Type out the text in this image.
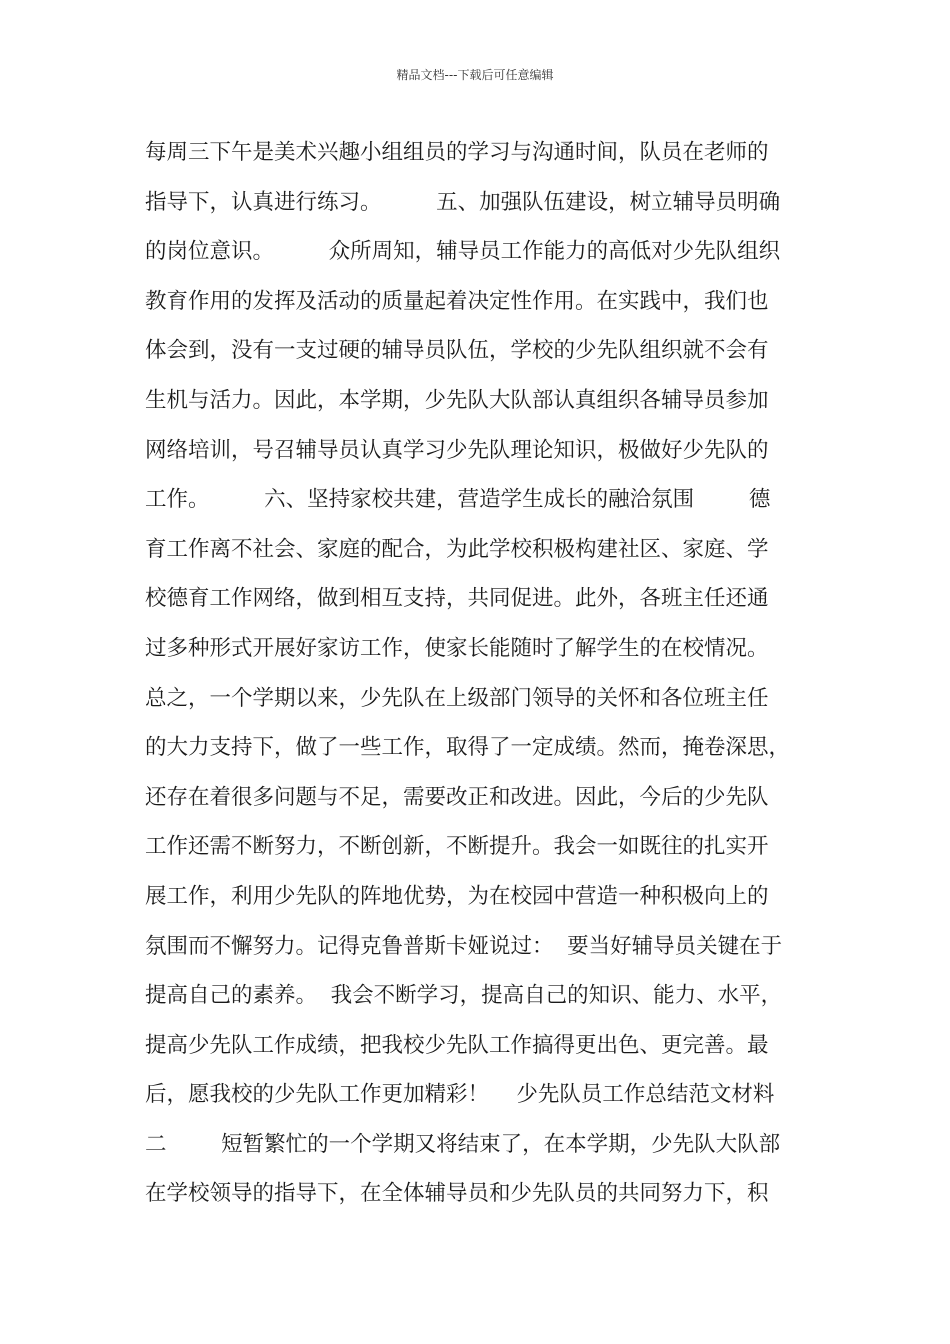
精品文档---下载后可任意编辑
每周三下午是美术兴趣小组组员的学习与沟通时间，队员在老师的
指导下，认真进行练习。        五、加强队伍建设，树立辅导员明确
的岗位意识。        众所周知，辅导员工作能力的高低对少先队组织
教育作用的发挥及活动的质量起着决定性作用。在实践中，我们也
体会到，没有一支过硬的辅导员队伍，学校的少先队组织就不会有
生机与活力。因此，本学期，少先队大队部认真组织各辅导员参加
网络培训，号召辅导员认真学习少先队理论知识，极做好少先队的
工作。        六、坚持家校共建，营造学生成长的融洽氛围        德
育工作离不社会、家庭的配合，为此学校积极构建社区、家庭、学
校德育工作网络，做到相互支持，共同促进。此外，各班主任还通
过多种形式开展好家访工作，使家长能随时了解学生的在校情况。
总之，一个学期以来，少先队在上级部门领导的关怀和各位班主任
的大力支持下，做了一些工作，取得了一定成绩。然而，掩卷深思，
还存在着很多问题与不足，需要改正和改进。因此，今后的少先队
工作还需不断努力，不断创新，不断提升。我会一如既往的扎实开
展工作，利用少先队的阵地优势，为在校园中营造一种积极向上的
氛围而不懈努力。记得克鲁普斯卡娅说过：  要当好辅导员关键在于
提高自己的素养。  我会不断学习，提高自己的知识、能力、水平，
提高少先队工作成绩，把我校少先队工作搞得更出色、更完善。最
后，愿我校的少先队工作更加精彩！    少先队员工作总结范文材料
二        短暂繁忙的一个学期又将结束了，在本学期，少先队大队部
在学校领导的指导下，在全体辅导员和少先队员的共同努力下，积
